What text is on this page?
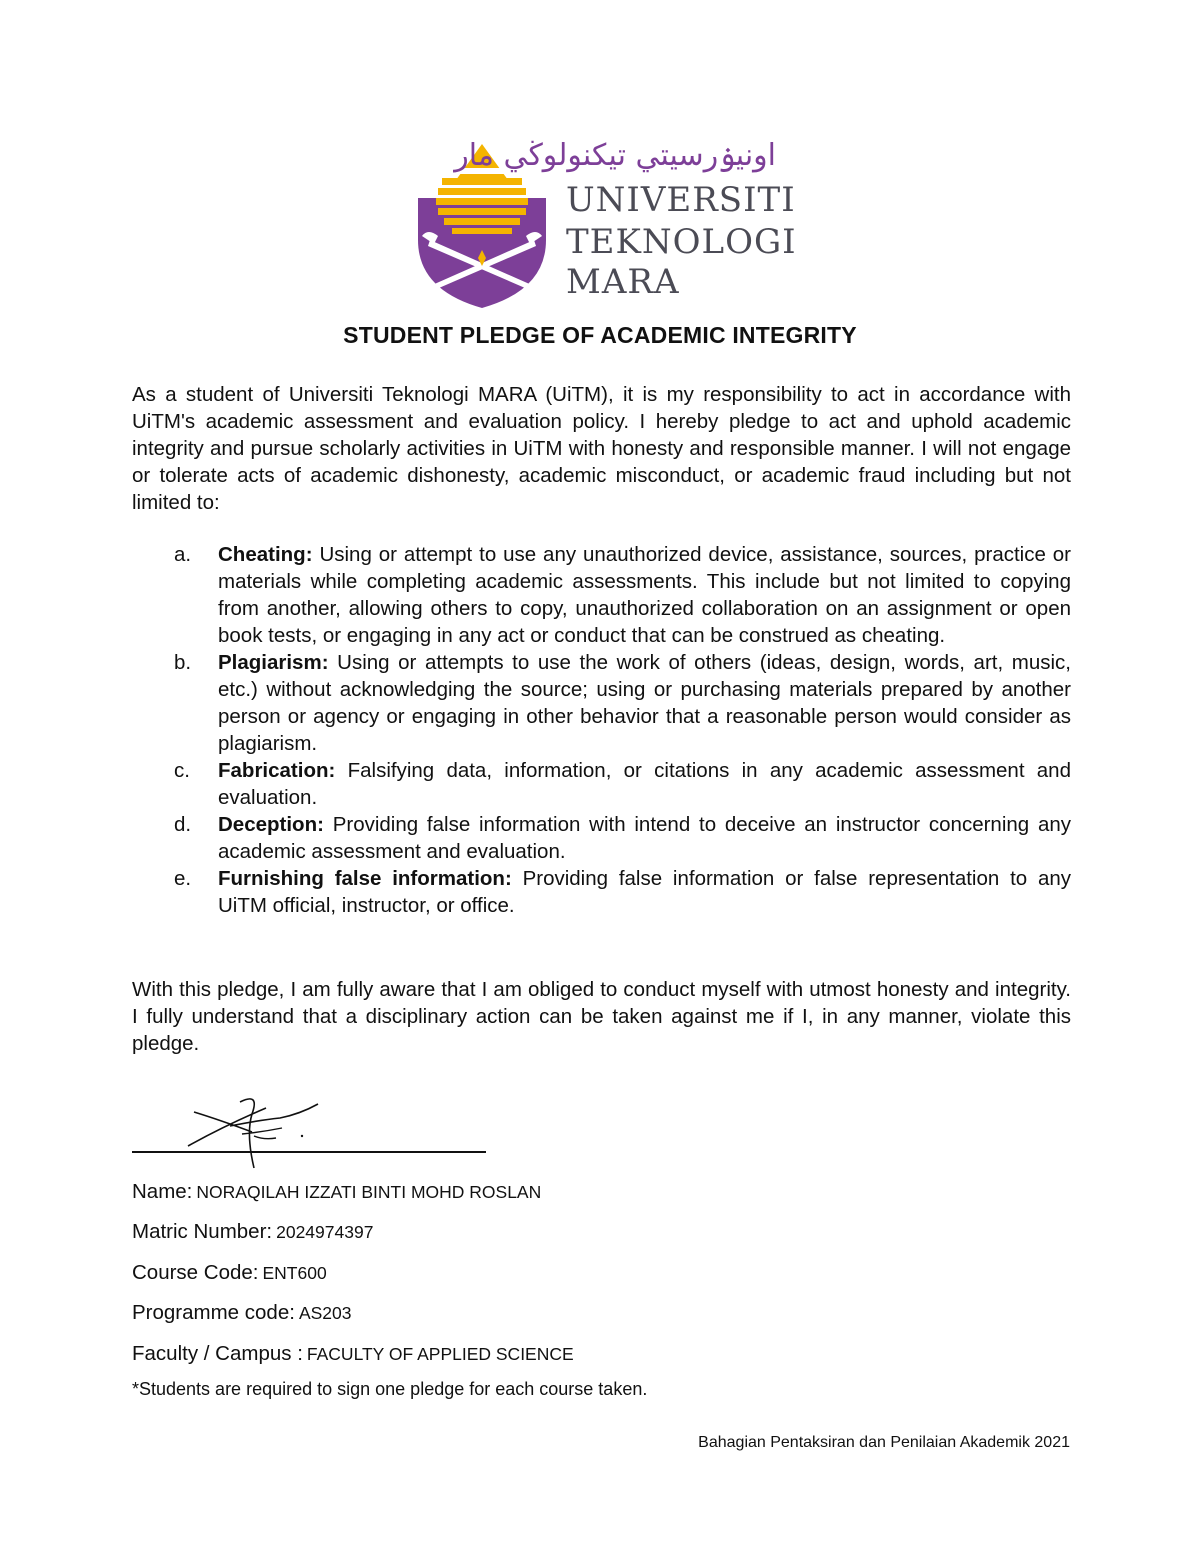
اونيۏرسيتي تيكنولوڬي مار
UNIVERSITI
TEKNOLOGI
MARA
STUDENT PLEDGE OF ACADEMIC INTEGRITY
As a student of Universiti Teknologi MARA (UiTM), it is my responsibility to act in accordance with UiTM's academic assessment and evaluation policy. I hereby pledge to act and uphold academic integrity and pursue scholarly activities in UiTM with honesty and responsible manner. I will not engage or tolerate acts of academic dishonesty, academic misconduct, or academic fraud including but not limited to:
a. Cheating: Using or attempt to use any unauthorized device, assistance, sources, practice or materials while completing academic assessments. This include but not limited to copying from another, allowing others to copy, unauthorized collaboration on an assignment or open book tests, or engaging in any act or conduct that can be construed as cheating.
b. Plagiarism: Using or attempts to use the work of others (ideas, design, words, art, music, etc.) without acknowledging the source; using or purchasing materials prepared by another person or agency or engaging in other behavior that a reasonable person would consider as plagiarism.
c. Fabrication: Falsifying data, information, or citations in any academic assessment and evaluation.
d. Deception: Providing false information with intend to deceive an instructor concerning any academic assessment and evaluation.
e. Furnishing false information: Providing false information or false representation to any UiTM official, instructor, or office.
With this pledge, I am fully aware that I am obliged to conduct myself with utmost honesty and integrity. I fully understand that a disciplinary action can be taken against me if I, in any manner, violate this pledge.
Name: NORAQILAH IZZATI BINTI MOHD ROSLAN
Matric Number: 2024974397
Course Code: ENT600
Programme code: AS203
Faculty / Campus : FACULTY OF APPLIED SCIENCE
*Students are required to sign one pledge for each course taken.
Bahagian Pentaksiran dan Penilaian Akademik 2021
